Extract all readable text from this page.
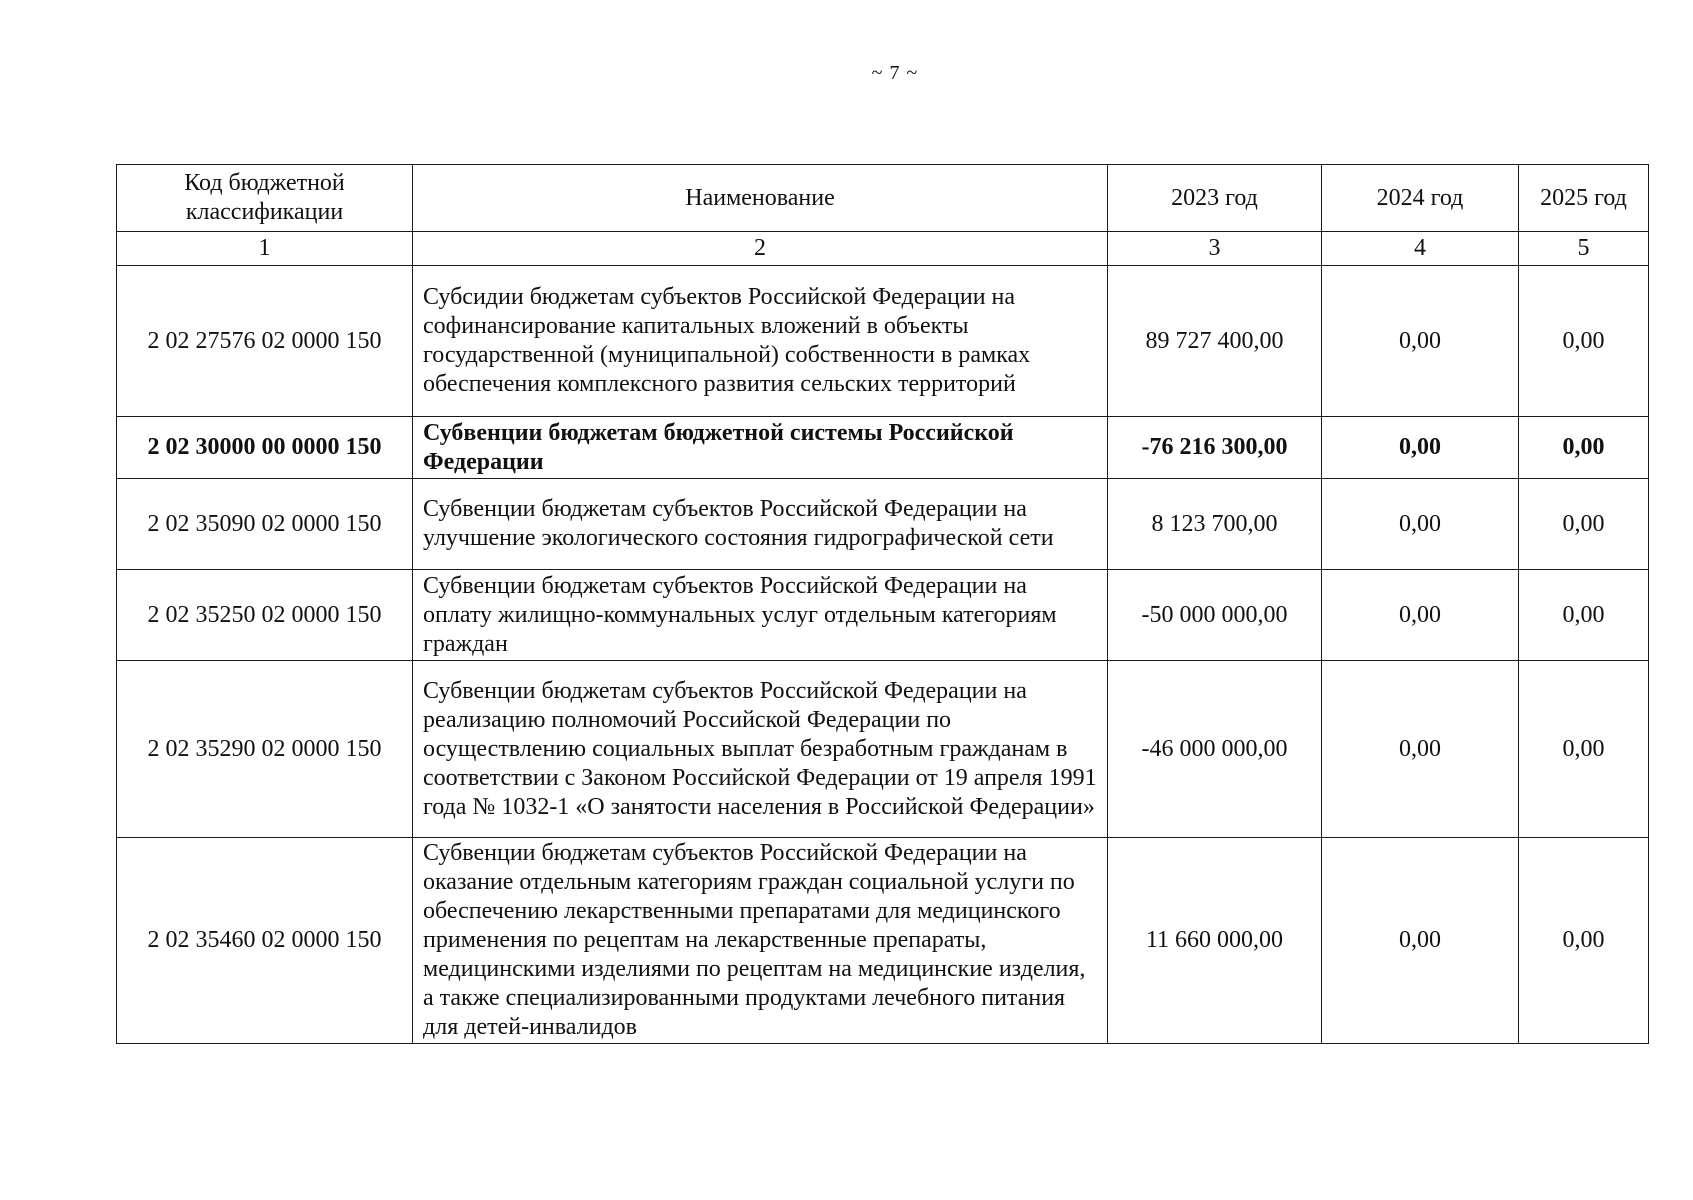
~ 7 ~
Код бюджетной классификации	Наименование	2023 год	2024 год	2025 год
1	2	3	4	5
2 02 27576 02 0000 150	Субсидии бюджетам субъектов Российской Федерации на софинансирование капитальных вложений в объекты государственной (муниципальной) собственности в рамках обеспечения комплексного развития сельских территорий	89 727 400,00	0,00	0,00
2 02 30000 00 0000 150	Субвенции бюджетам бюджетной системы Российской Федерации	-76 216 300,00	0,00	0,00
2 02 35090 02 0000 150	Субвенции бюджетам субъектов Российской Федерации на улучшение экологического состояния гидрографической сети	8 123 700,00	0,00	0,00
2 02 35250 02 0000 150	Субвенции бюджетам субъектов Российской Федерации на оплату жилищно-коммунальных услуг отдельным категориям граждан	-50 000 000,00	0,00	0,00
2 02 35290 02 0000 150	Субвенции бюджетам субъектов Российской Федерации на реализацию полномочий Российской Федерации по осуществлению социальных выплат безработным гражданам в соответствии с Законом Российской Федерации от 19 апреля 1991 года № 1032-1 «О занятости населения в Российской Федерации»	-46 000 000,00	0,00	0,00
2 02 35460 02 0000 150	Субвенции бюджетам субъектов Российской Федерации на оказание отдельным категориям граждан социальной услуги по обеспечению лекарственными препаратами для медицинского применения по рецептам на лекарственные препараты, медицинскими изделиями по рецептам на медицинские изделия, а также специализированными продуктами лечебного питания для детей-инвалидов	11 660 000,00	0,00	0,00
